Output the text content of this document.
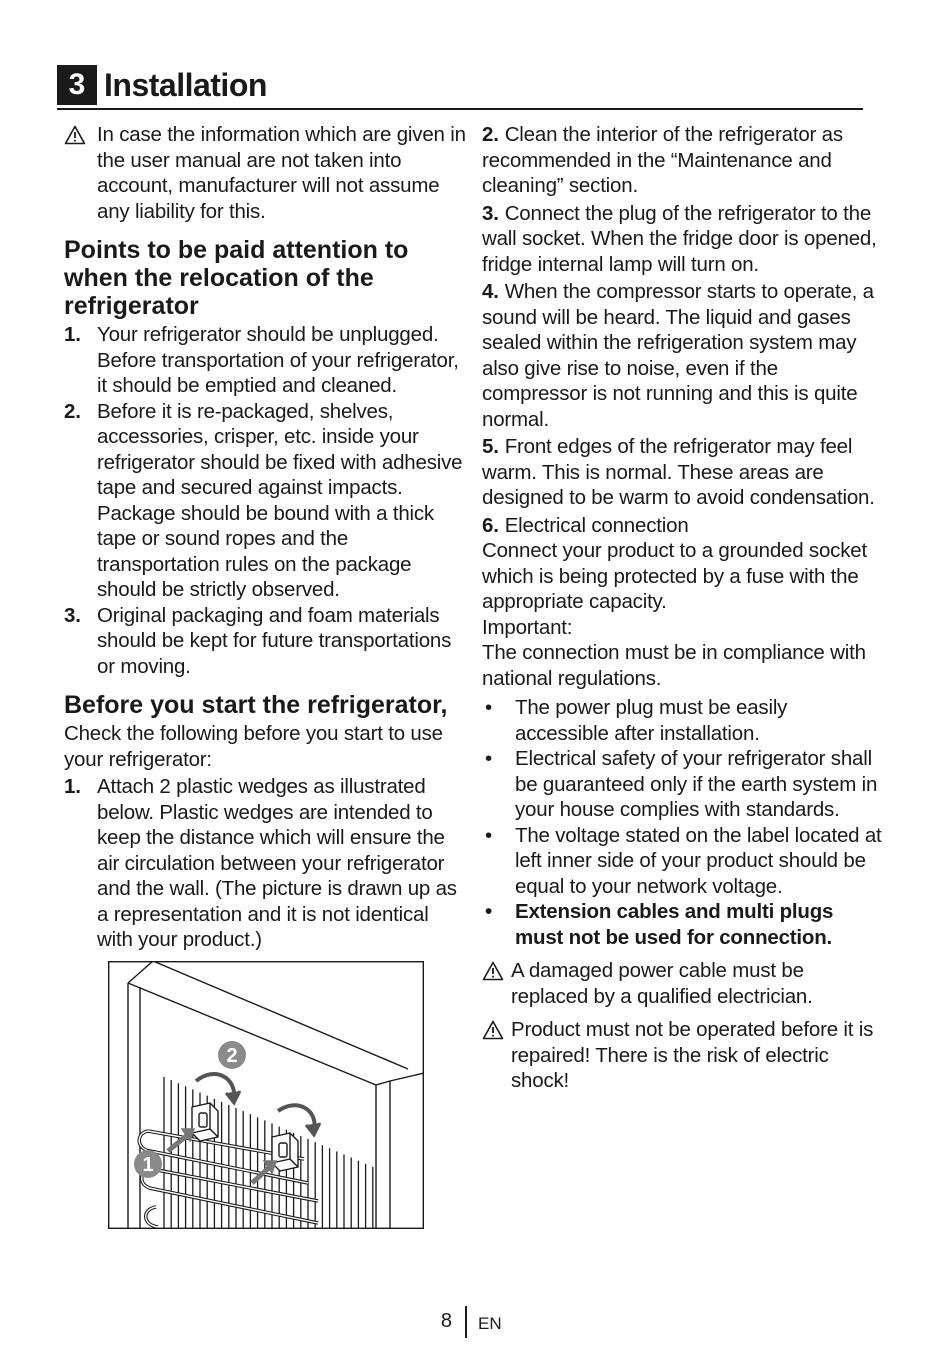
3 Installation
In case the information which are given in the user manual are not taken into account, manufacturer will not assume any liability for this.
Points to be paid attention to when the relocation of the refrigerator
1. Your refrigerator should be unplugged. Before transportation of your refrigerator, it should be emptied and cleaned.
2. Before it is re-packaged, shelves, accessories, crisper, etc. inside your refrigerator should be fixed with adhesive tape and secured against impacts. Package should be bound with a thick tape or sound ropes and the transportation rules on the package should be strictly observed.
3. Original packaging and foam materials should be kept for future transportations or moving.
Before you start the refrigerator,
Check the following before you start to use your refrigerator:
1. Attach 2 plastic wedges as illustrated below. Plastic wedges are intended to keep the distance which will ensure the air circulation between your refrigerator and the wall. (The picture is drawn up as a representation and it is not identical with your product.)
2
1

2. Clean the interior of the refrigerator as recommended in the “Maintenance and cleaning” section.

3. Connect the plug of the refrigerator to the wall socket. When the fridge door is opened, fridge internal lamp will turn on.

4. When the compressor starts to operate, a sound will be heard. The liquid and gases sealed within the refrigeration system may also give rise to noise, even if the compressor is not running and this is quite normal.

5. Front edges of the refrigerator may feel warm. This is normal. These areas are designed to be warm to avoid condensation.

6. Electrical connection

Connect your product to a grounded socket which is being protected by a fuse with the appropriate capacity.
Important:
The connection must be in compliance with national regulations.
• The power plug must be easily accessible after installation.
• Electrical safety of your refrigerator shall be guaranteed only if the earth system in your house complies with standards.
• The voltage stated on the label located at left inner side of your product should be equal to your network voltage.
• Extension cables and multi plugs must not be used for connection.
A damaged power cable must be replaced by a qualified electrician.
Product must not be operated before it is repaired! There is the risk of electric shock!
8 EN
